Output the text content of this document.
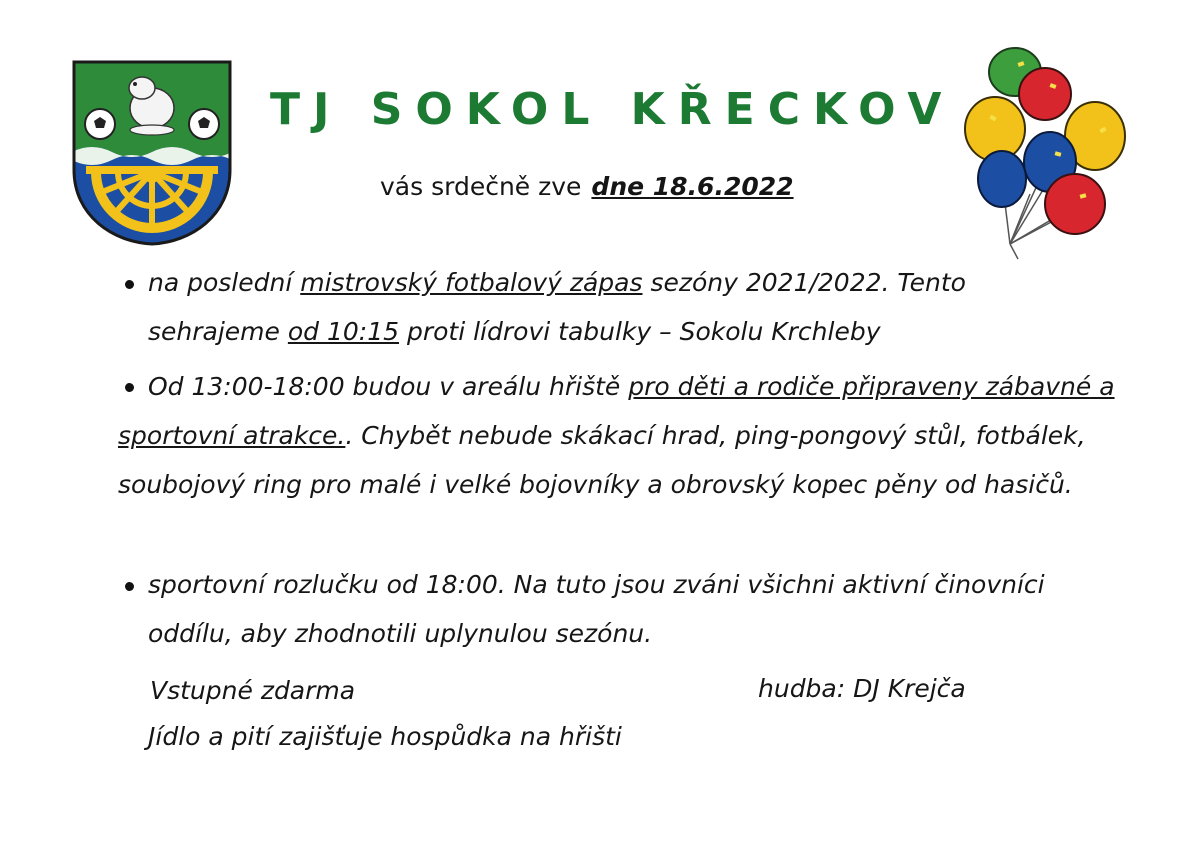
TJ SOKOL KŘECKOV
vás srdečně zve dne 18.6.2022
na poslední mistrovský fotbalový zápas sezóny 2021/2022. Tento sehrajeme od 10:15 proti lídrovi tabulky – Sokolu Krchleby
Od 13:00-18:00 budou v areálu hřiště pro děti a rodiče připraveny zábavné a sportovní atrakce.. Chybět nebude skákací hrad, ping-pongový stůl, fotbálek, soubojový ring pro malé i velké bojovníky a obrovský kopec pěny od hasičů.
sportovní rozlučku od 18:00. Na tuto jsou zváni všichni aktivní činovníci oddílu, aby zhodnotili uplynulou sezónu.
Vstupné zdarma	hudba: DJ Krejča
Jídlo a pití zajišťuje hospůdka na hřišti
